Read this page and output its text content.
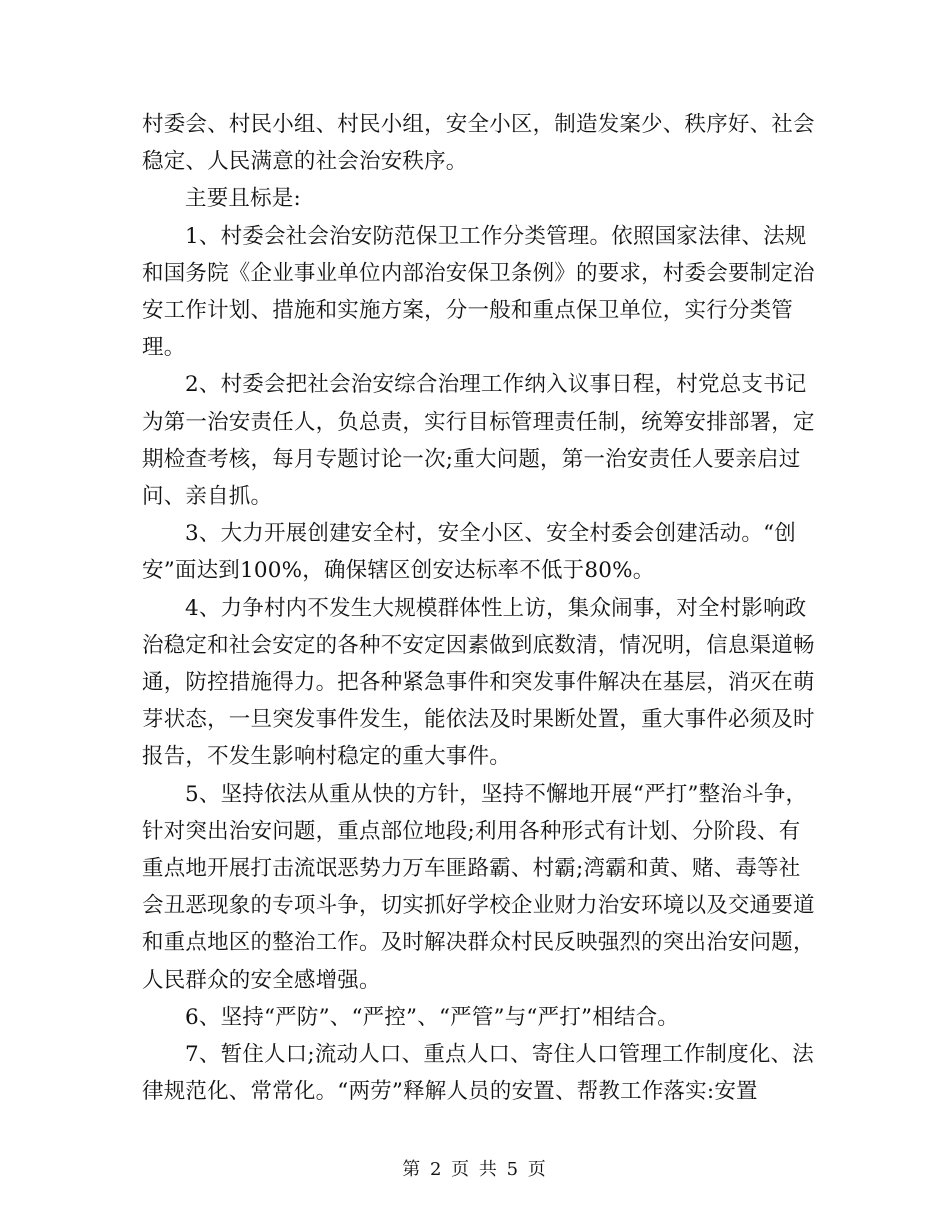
村委会、村民小组、村民小组，安全小区，制造发案少、秩序好、社会稳定、人民满意的社会治安秩序。

主要且标是:

1、村委会社会治安防范保卫工作分类管理。依照国家法律、法规和国务院《企业事业单位内部治安保卫条例》的要求，村委会要制定治安工作计划、措施和实施方案，分一般和重点保卫单位，实行分类管理。

2、村委会把社会治安综合治理工作纳入议事日程，村党总支书记为第一治安责任人，负总责，实行目标管理责任制，统筹安排部署，定期检查考核，每月专题讨论一次;重大问题，第一治安责任人要亲启过问、亲自抓。

3、大力开展创建安全村，安全小区、安全村委会创建活动。“创安”面达到100%，确保辖区创安达标率不低于80%。

4、力争村内不发生大规模群体性上访，集众闹事，对全村影响政治稳定和社会安定的各种不安定因素做到底数清，情况明，信息渠道畅通，防控措施得力。把各种紧急事件和突发事件解决在基层，消灭在萌芽状态，一旦突发事件发生，能依法及时果断处置，重大事件必须及时报告，不发生影响村稳定的重大事件。

5、坚持依法从重从快的方针，坚持不懈地开展“严打”整治斗争，针对突出治安问题，重点部位地段;利用各种形式有计划、分阶段、有重点地开展打击流氓恶势力万车匪路霸、村霸;湾霸和黄、赌、毒等社会丑恶现象的专项斗争，切实抓好学校企业财力治安环境以及交通要道和重点地区的整治工作。及时解决群众村民反映强烈的突出治安问题，人民群众的安全感增强。

6、坚持“严防”、“严控”、“严管”与“严打”相结合。

7、暂住人口;流动人口、重点人口、寄住人口管理工作制度化、法律规范化、常常化。“两劳”释解人员的安置、帮教工作落实:安置

第 2 页 共 5 页
